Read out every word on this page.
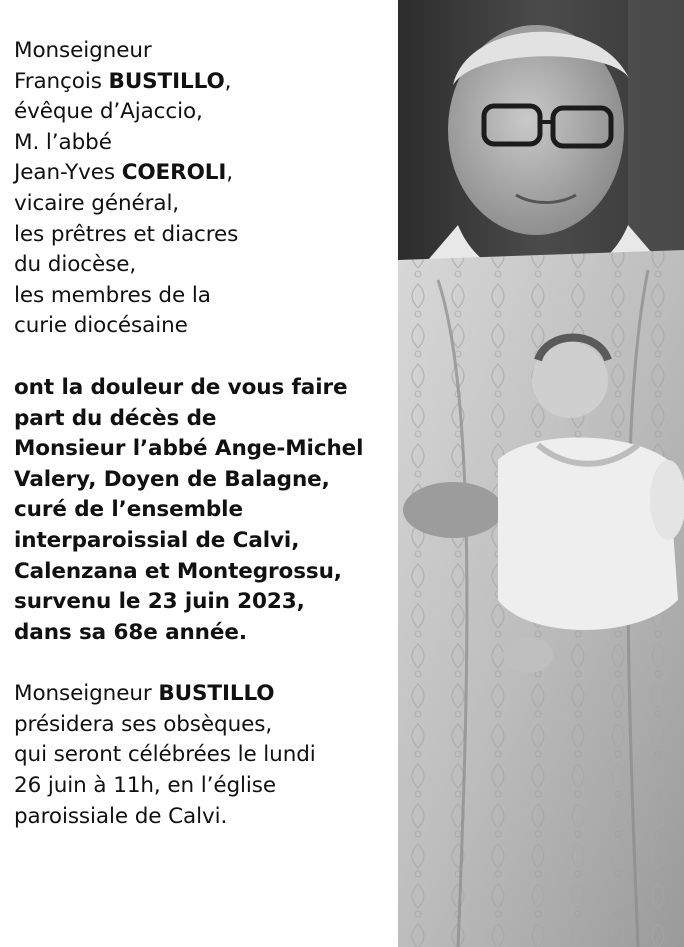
Monseigneur
François BUSTILLO,
évêque d’Ajaccio,
M. l’abbé
Jean-Yves COEROLI,
vicaire général,
les prêtres et diacres
du diocèse,
les membres de la
curie diocésaine

ont la douleur de vous faire
part du décès de
Monsieur l’abbé Ange-Michel
Valery, Doyen de Balagne,
curé de l’ensemble
interparoissial de Calvi,
Calenzana et Montegrossu,
survenu le 23 juin 2023,
dans sa 68e année.

Monseigneur BUSTILLO
présidera ses obsèques,
qui seront célébrées le lundi
26 juin à 11h, en l’église
paroissiale de Calvi.
